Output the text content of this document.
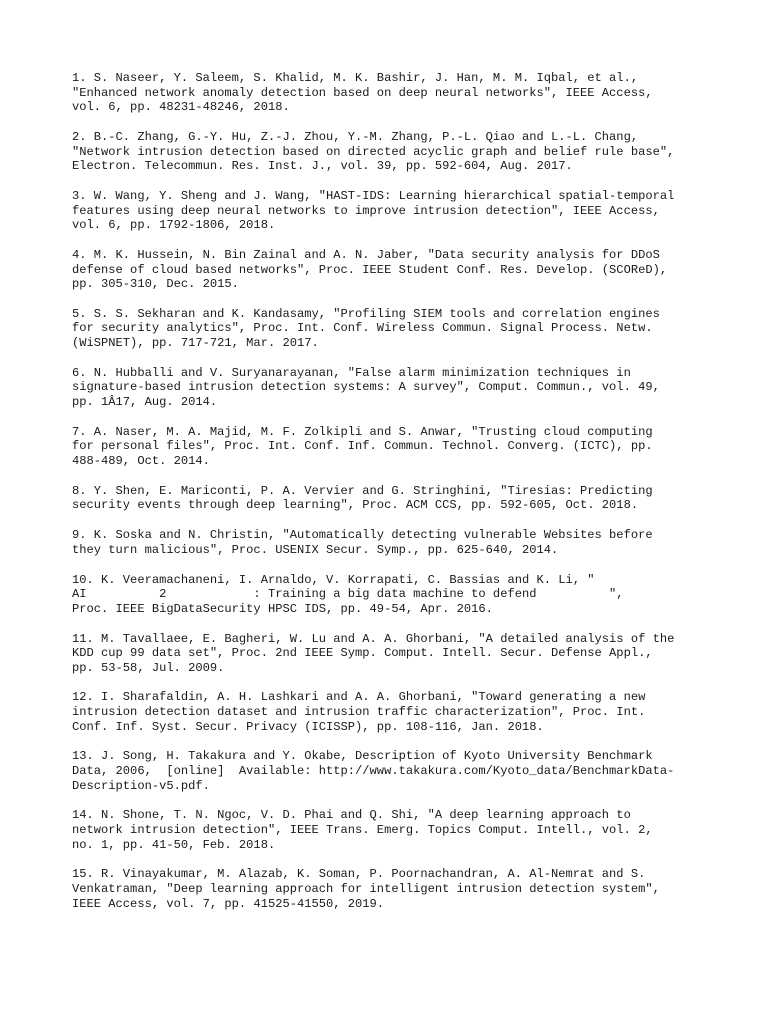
1. S. Naseer, Y. Saleem, S. Khalid, M. K. Bashir, J. Han, M. M. Iqbal, et al.,
"Enhanced network anomaly detection based on deep neural networks", IEEE Access,
vol. 6, pp. 48231-48246, 2018.

2. B.-C. Zhang, G.-Y. Hu, Z.-J. Zhou, Y.-M. Zhang, P.-L. Qiao and L.-L. Chang,
"Network intrusion detection based on directed acyclic graph and belief rule base",
Electron. Telecommun. Res. Inst. J., vol. 39, pp. 592-604, Aug. 2017.

3. W. Wang, Y. Sheng and J. Wang, "HAST-IDS: Learning hierarchical spatial-temporal
features using deep neural networks to improve intrusion detection", IEEE Access,
vol. 6, pp. 1792-1806, 2018.

4. M. K. Hussein, N. Bin Zainal and A. N. Jaber, "Data security analysis for DDoS
defense of cloud based networks", Proc. IEEE Student Conf. Res. Develop. (SCOReD),
pp. 305-310, Dec. 2015.

5. S. S. Sekharan and K. Kandasamy, "Profiling SIEM tools and correlation engines
for security analytics", Proc. Int. Conf. Wireless Commun. Signal Process. Netw.
(WiSPNET), pp. 717-721, Mar. 2017.

6. N. Hubballi and V. Suryanarayanan, "False alarm minimization techniques in
signature-based intrusion detection systems: A survey", Comput. Commun., vol. 49,
pp. 1Â17, Aug. 2014.

7. A. Naser, M. A. Majid, M. F. Zolkipli and S. Anwar, "Trusting cloud computing
for personal files", Proc. Int. Conf. Inf. Commun. Technol. Converg. (ICTC), pp.
488-489, Oct. 2014.

8. Y. Shen, E. Mariconti, P. A. Vervier and G. Stringhini, "Tiresias: Predicting
security events through deep learning", Proc. ACM CCS, pp. 592-605, Oct. 2018.

9. K. Soska and N. Christin, "Automatically detecting vulnerable Websites before
they turn malicious", Proc. USENIX Secur. Symp., pp. 625-640, 2014.

10. K. Veeramachaneni, I. Arnaldo, V. Korrapati, C. Bassias and K. Li, "
AI          2            : Training a big data machine to defend          ",
Proc. IEEE BigDataSecurity HPSC IDS, pp. 49-54, Apr. 2016.

11. M. Tavallaee, E. Bagheri, W. Lu and A. A. Ghorbani, "A detailed analysis of the
KDD cup 99 data set", Proc. 2nd IEEE Symp. Comput. Intell. Secur. Defense Appl.,
pp. 53-58, Jul. 2009.

12. I. Sharafaldin, A. H. Lashkari and A. A. Ghorbani, "Toward generating a new
intrusion detection dataset and intrusion traffic characterization", Proc. Int.
Conf. Inf. Syst. Secur. Privacy (ICISSP), pp. 108-116, Jan. 2018.

13. J. Song, H. Takakura and Y. Okabe, Description of Kyoto University Benchmark
Data, 2006,  [online]  Available: http://www.takakura.com/Kyoto_data/BenchmarkData-
Description-v5.pdf.

14. N. Shone, T. N. Ngoc, V. D. Phai and Q. Shi, "A deep learning approach to
network intrusion detection", IEEE Trans. Emerg. Topics Comput. Intell., vol. 2,
no. 1, pp. 41-50, Feb. 2018.

15. R. Vinayakumar, M. Alazab, K. Soman, P. Poornachandran, A. Al-Nemrat and S.
Venkatraman, "Deep learning approach for intelligent intrusion detection system",
IEEE Access, vol. 7, pp. 41525-41550, 2019.
